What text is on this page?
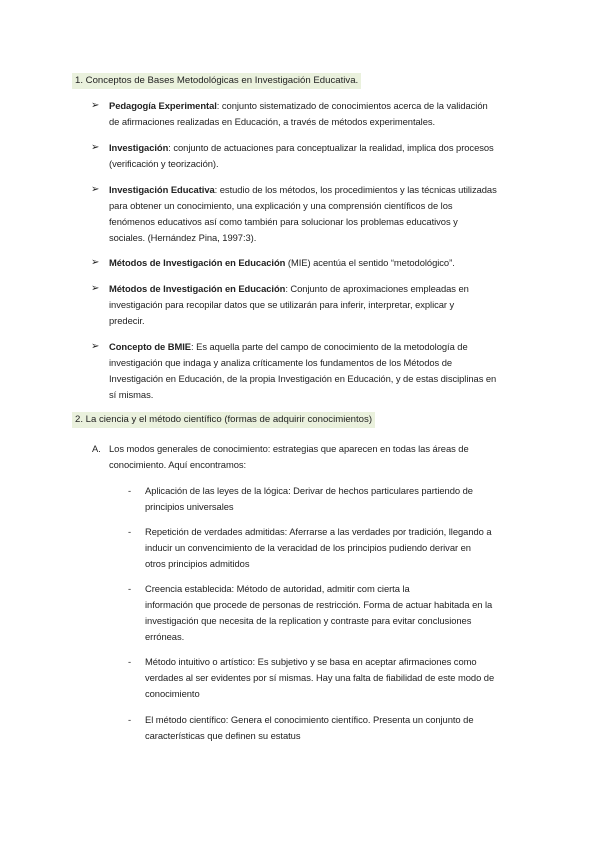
1. Conceptos de Bases Metodológicas en Investigación Educativa.
➢ Pedagogía Experimental: conjunto sistematizado de conocimientos acerca de la validación
de afirmaciones realizadas en Educación, a través de métodos experimentales.
➢ Investigación: conjunto de actuaciones para conceptualizar la realidad, implica dos procesos
(verificación y teorización).
➢ Investigación Educativa: estudio de los métodos, los procedimientos y las técnicas utilizadas
para obtener un conocimiento, una explicación y una comprensión científicos de los
fenómenos educativos así como también para solucionar los problemas educativos y
sociales. (Hernández Pina, 1997:3).
➢ Métodos de Investigación en Educación (MIE) acentúa el sentido “metodológico”.
➢ Métodos de Investigación en Educación: Conjunto de aproximaciones empleadas en
investigación para recopilar datos que se utilizarán para inferir, interpretar, explicar y
predecir.
➢ Concepto de BMIE: Es aquella parte del campo de conocimiento de la metodología de
investigación que indaga y analiza críticamente los fundamentos de los Métodos de
Investigación en Educación, de la propia Investigación en Educación, y de estas disciplinas en
sí mismas.
2. La ciencia y el método científico (formas de adquirir conocimientos)
A. Los modos generales de conocimiento: estrategias que aparecen en todas las áreas de
conocimiento. Aquí encontramos:
- Aplicación de las leyes de la lógica: Derivar de hechos particulares partiendo de
principios universales
- Repetición de verdades admitidas: Aferrarse a las verdades por tradición, llegando a
inducir un convencimiento de la veracidad de los principios pudiendo derivar en
otros principios admitidos
- Creencia establecida: Método de autoridad, admitir com cierta la
información que procede de personas de restricción. Forma de actuar habitada en la
investigación que necesita de la replication y contraste para evitar conclusiones
erróneas.
- Método intuitivo o artístico: Es subjetivo y se basa en aceptar afirmaciones como
verdades al ser evidentes por sí mismas. Hay una falta de fiabilidad de este modo de
conocimiento
- El método científico: Genera el conocimiento científico. Presenta un conjunto de
características que definen su estatus
